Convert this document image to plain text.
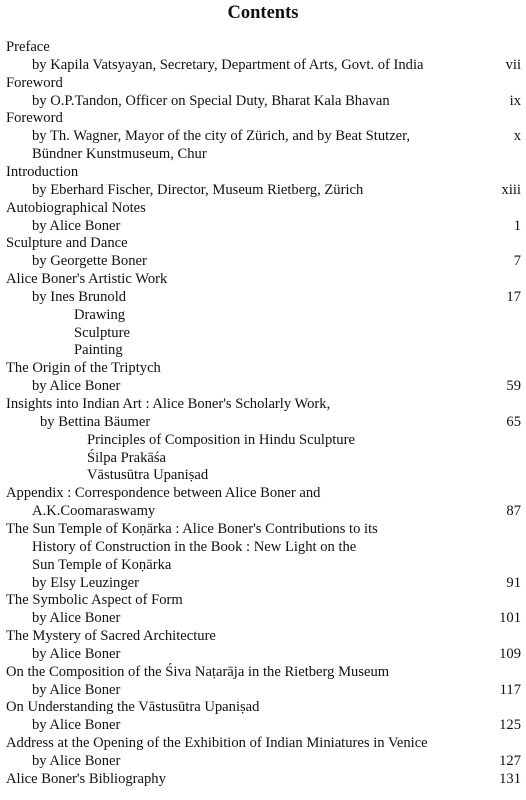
Contents
Preface
by Kapila Vatsyayan, Secretary, Department of Arts, Govt. of India	vii
Foreword
by O.P.Tandon, Officer on Special Duty, Bharat Kala Bhavan	ix
Foreword
by Th. Wagner, Mayor of the city of Zürich, and by Beat Stutzer,	x
Bündner Kunstmuseum, Chur
Introduction
by Eberhard Fischer, Director, Museum Rietberg, Zürich	xiii
Autobiographical Notes
by Alice Boner	1
Sculpture and Dance
by Georgette Boner	7
Alice Boner's Artistic Work
by Ines Brunold	17
Drawing
Sculpture
Painting
The Origin of the Triptych
by Alice Boner	59
Insights into Indian Art : Alice Boner's Scholarly Work,
by Bettina Bäumer	65
Principles of Composition in Hindu Sculpture
Śilpa Prakāśa
Vāstusūtra Upaniṣad
Appendix : Correspondence between Alice Boner and
A.K.Coomaraswamy	87
The Sun Temple of Koṇārka : Alice Boner's Contributions to its
History of Construction in the Book : New Light on the
Sun Temple of Koṇārka
by Elsy Leuzinger	91
The Symbolic Aspect of Form
by Alice Boner	101
The Mystery of Sacred Architecture
by Alice Boner	109
On the Composition of the Śiva Naṭarāja in the Rietberg Museum
by Alice Boner	117
On Understanding the Vāstusūtra Upaniṣad
by Alice Boner	125
Address at the Opening of the Exhibition of Indian Miniatures in Venice
by Alice Boner	127
Alice Boner's Bibliography	131
